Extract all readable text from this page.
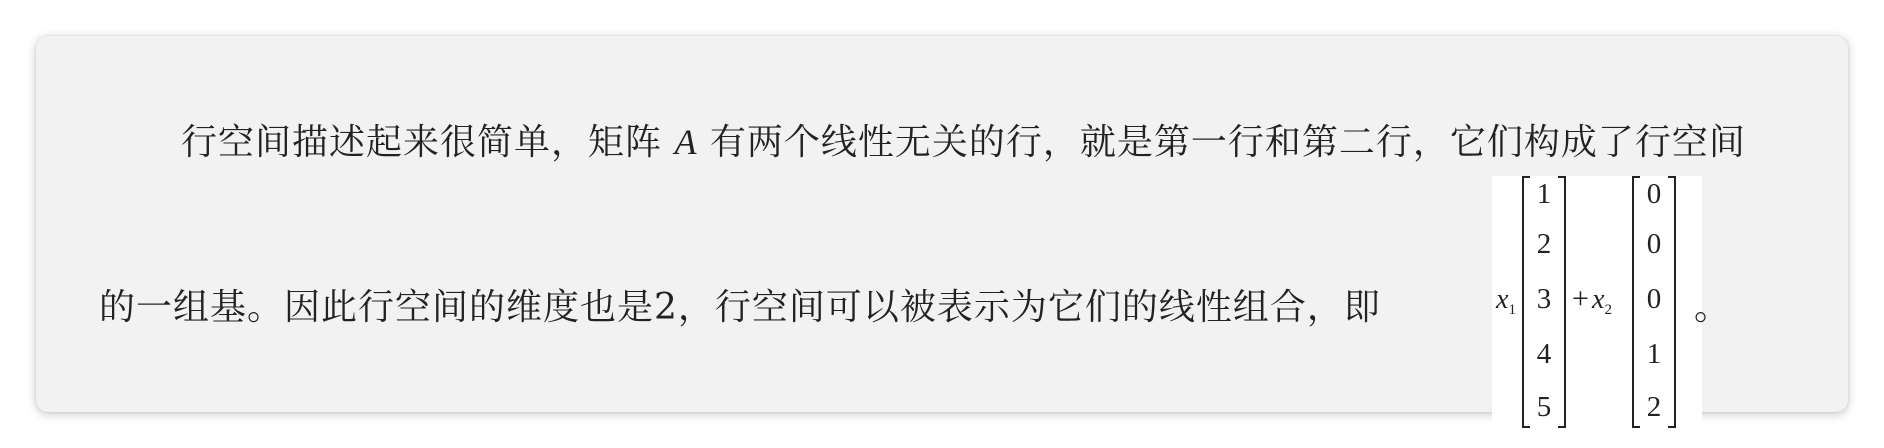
行空间描述起来很简单，矩阵 A 有两个线性无关的行，就是第一行和第二行，它们构成了行空间
的一组基。因此行空间的维度也是2，行空间可以被表示为它们的线性组合，即	$x_1$
1
2
3
4
5
+ $x_2$
0
0
0
1
2
。
